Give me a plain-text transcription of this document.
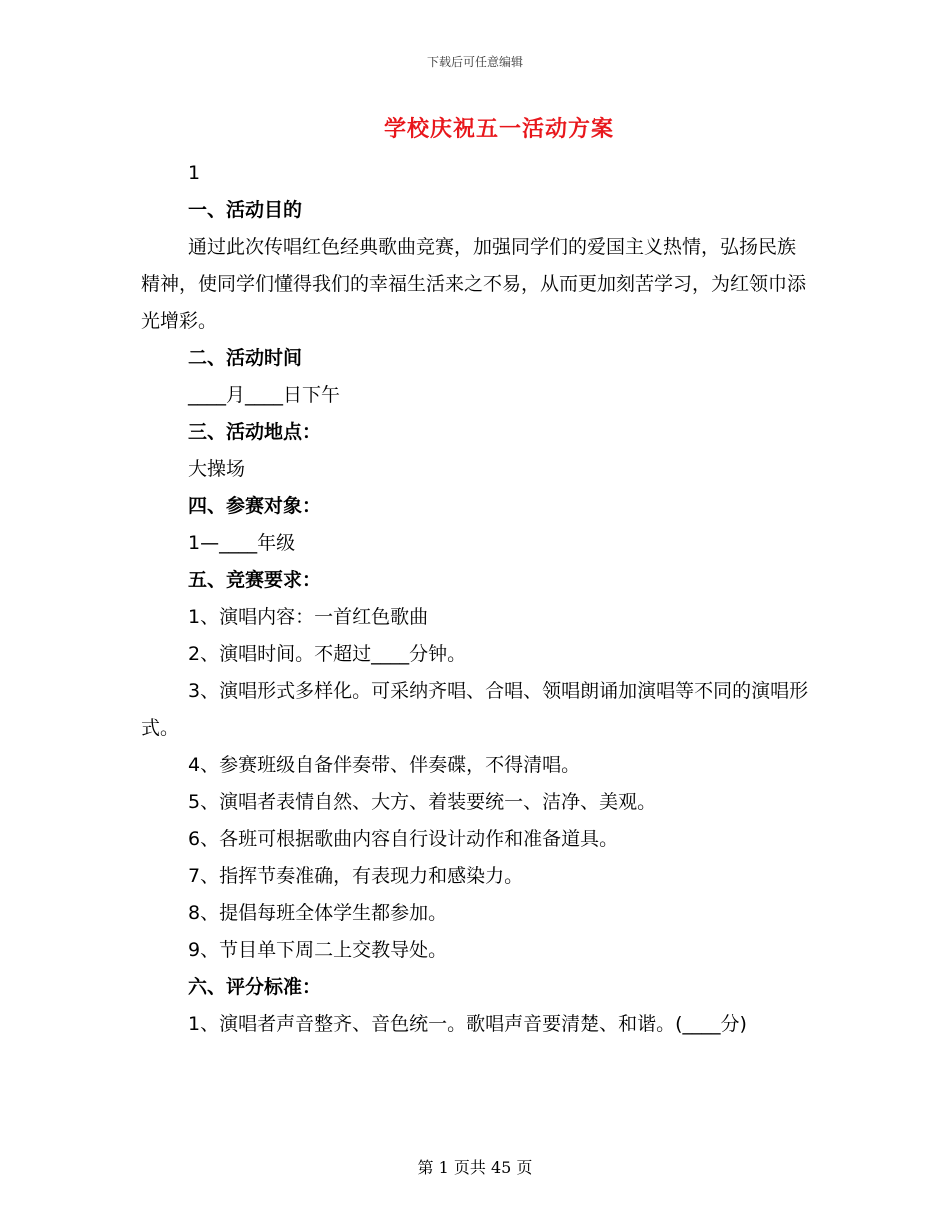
下载后可任意编辑
学校庆祝五一活动方案

1

一、活动目的

通过此次传唱红色经典歌曲竞赛，加强同学们的爱国主义热情，弘扬民族精神，使同学们懂得我们的幸福生活来之不易，从而更加刻苦学习，为红领巾添光增彩。

二、活动时间

____月____日下午

三、活动地点：

大操场

四、参赛对象：

1—____年级

五、竞赛要求：

1、演唱内容：一首红色歌曲

2、演唱时间。不超过____分钟。

3、演唱形式多样化。可采纳齐唱、合唱、领唱朗诵加演唱等不同的演唱形式。

4、参赛班级自备伴奏带、伴奏碟，不得清唱。

5、演唱者表情自然、大方、着装要统一、洁净、美观。

6、各班可根据歌曲内容自行设计动作和准备道具。

7、指挥节奏准确，有表现力和感染力。

8、提倡每班全体学生都参加。

9、节目单下周二上交教导处。

六、评分标准：

1、演唱者声音整齐、音色统一。歌唱声音要清楚、和谐。(____分)

第 1 页共 45 页
